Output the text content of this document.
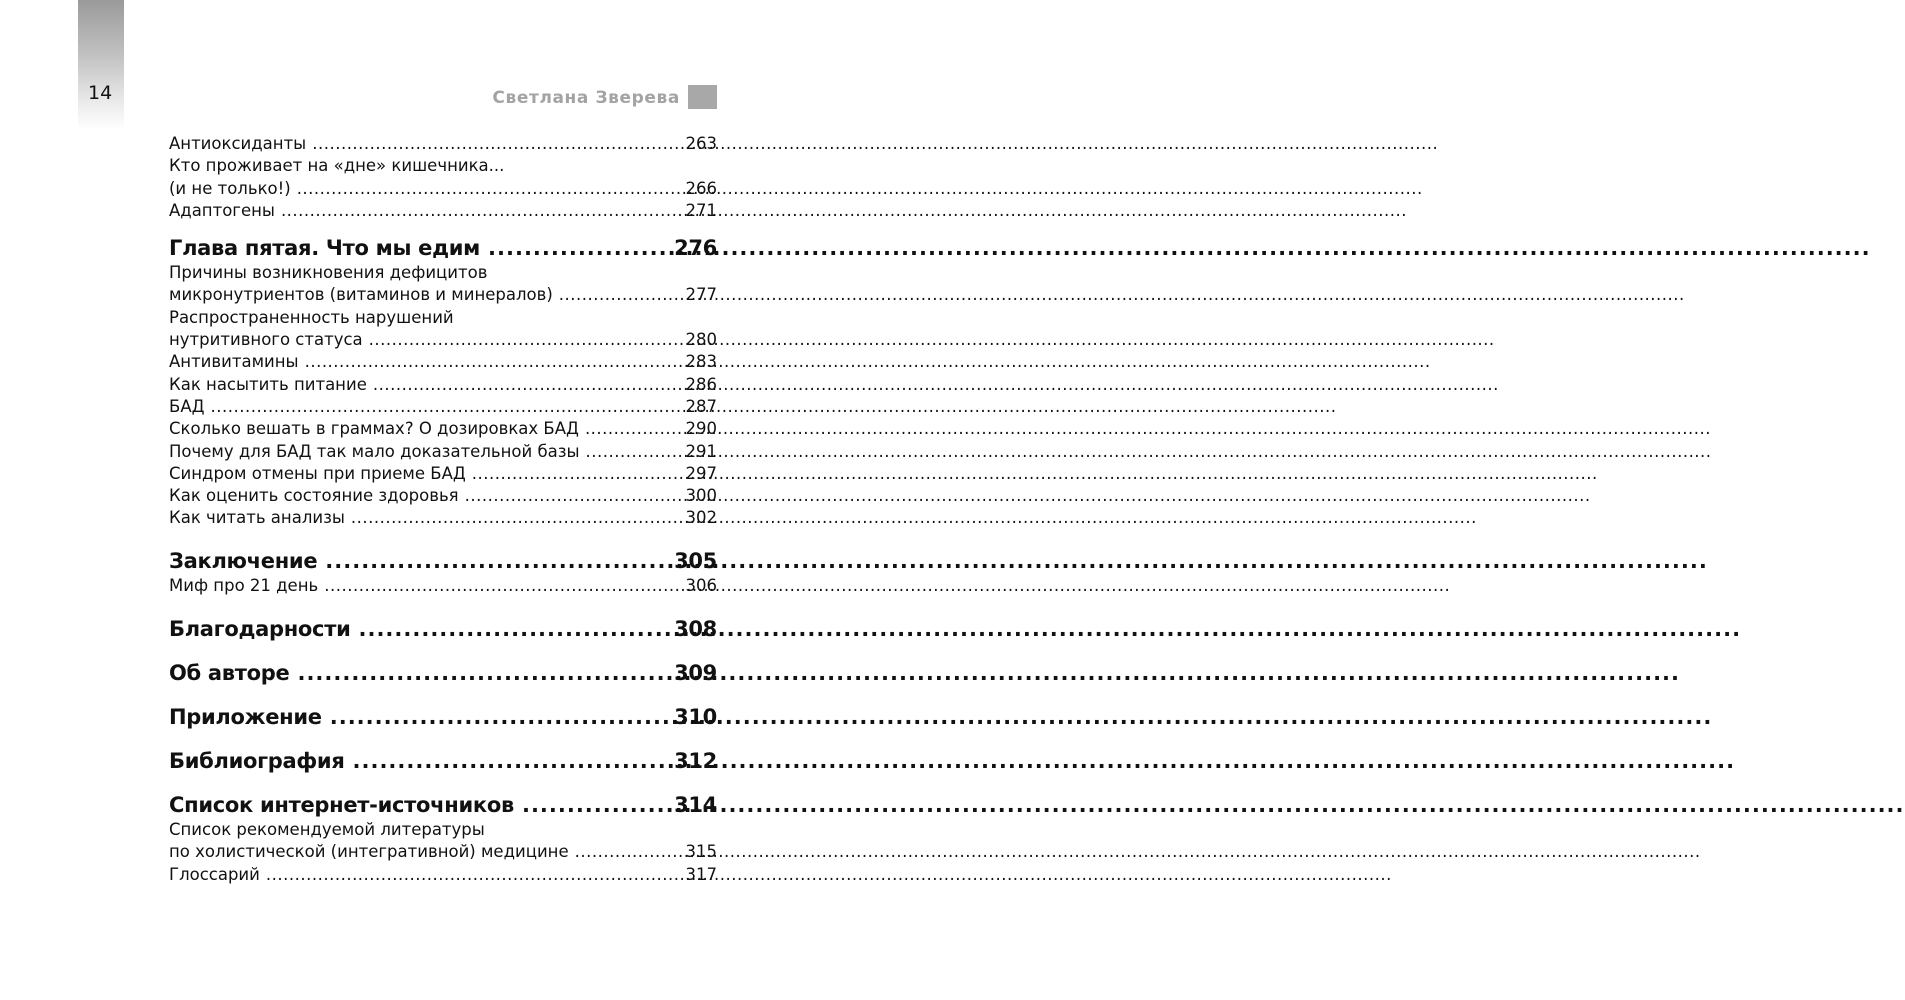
14	Светлана Зверева
Антиоксиданты .....	263
Кто проживает на «дне» кишечника...
(и не только!) .....	266
Адаптогены .....	271
Глава пятая. Что мы едим .....	276
Причины возникновения дефицитов
микронутриентов (витаминов и минералов) .....	277
Распространенность нарушений
нутритивного статуса .....	280
Антивитамины .....	283
Как насытить питание .....	286
БАД .....	287
Сколько вешать в граммах? О дозировках БАД .....	290
Почему для БАД так мало доказательной базы .....	291
Синдром отмены при приеме БАД .....	297
Как оценить состояние здоровья .....	300
Как читать анализы .....	302
Заключение .....	305
Миф про 21 день .....	306
Благодарности .....	308
Об авторе .....	309
Приложение .....	310
Библиография .....	312
Список интернет-источников .....	314
Список рекомендуемой литературы
по холистической (интегративной) медицине .....	315
Глоссарий .....	317
